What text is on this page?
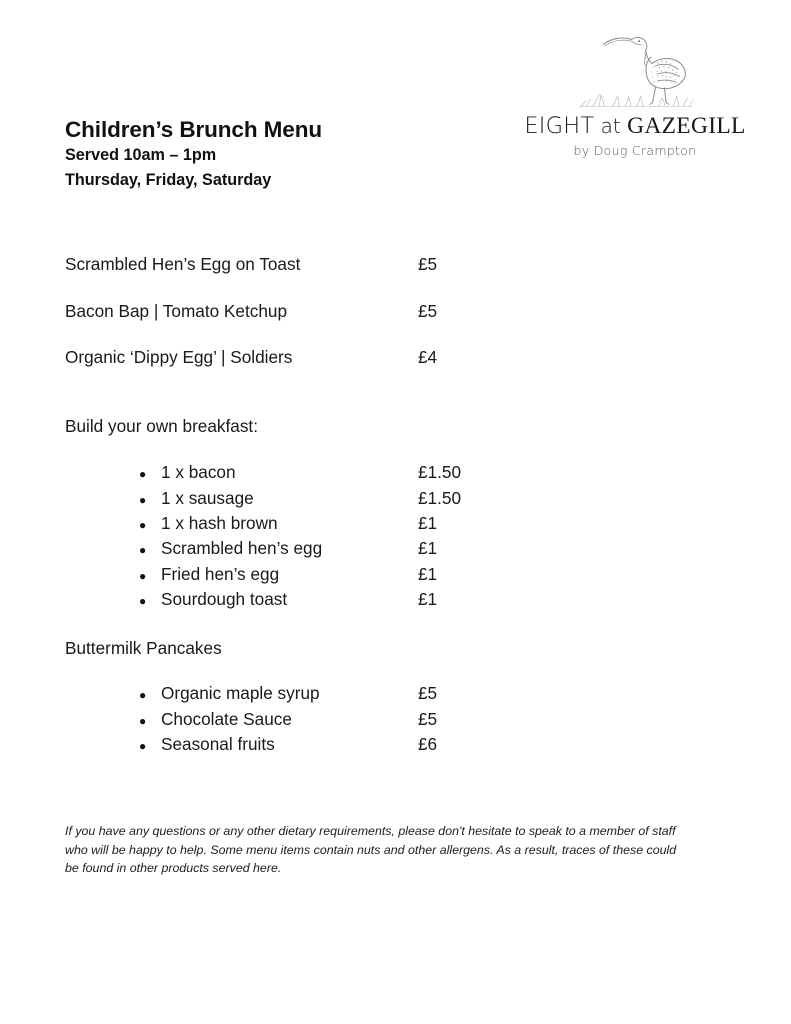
EIGHT at GAZEGILL
by Doug Crampton
Children’s Brunch Menu
Served 10am – 1pm
Thursday, Friday, Saturday
Scrambled Hen’s Egg on Toast	£5
Bacon Bap | Tomato Ketchup	£5
Organic ‘Dippy Egg’ | Soldiers	£4
Build your own breakfast:
● 1 x bacon	£1.50
● 1 x sausage	£1.50
● 1 x hash brown	£1
● Scrambled hen’s egg	£1
● Fried hen’s egg	£1
● Sourdough toast	£1
Buttermilk Pancakes
● Organic maple syrup	£5
● Chocolate Sauce	£5
● Seasonal fruits	£6
If you have any questions or any other dietary requirements, please don't hesitate to speak to a member of staff who will be happy to help. Some menu items contain nuts and other allergens. As a result, traces of these could be found in other products served here.
